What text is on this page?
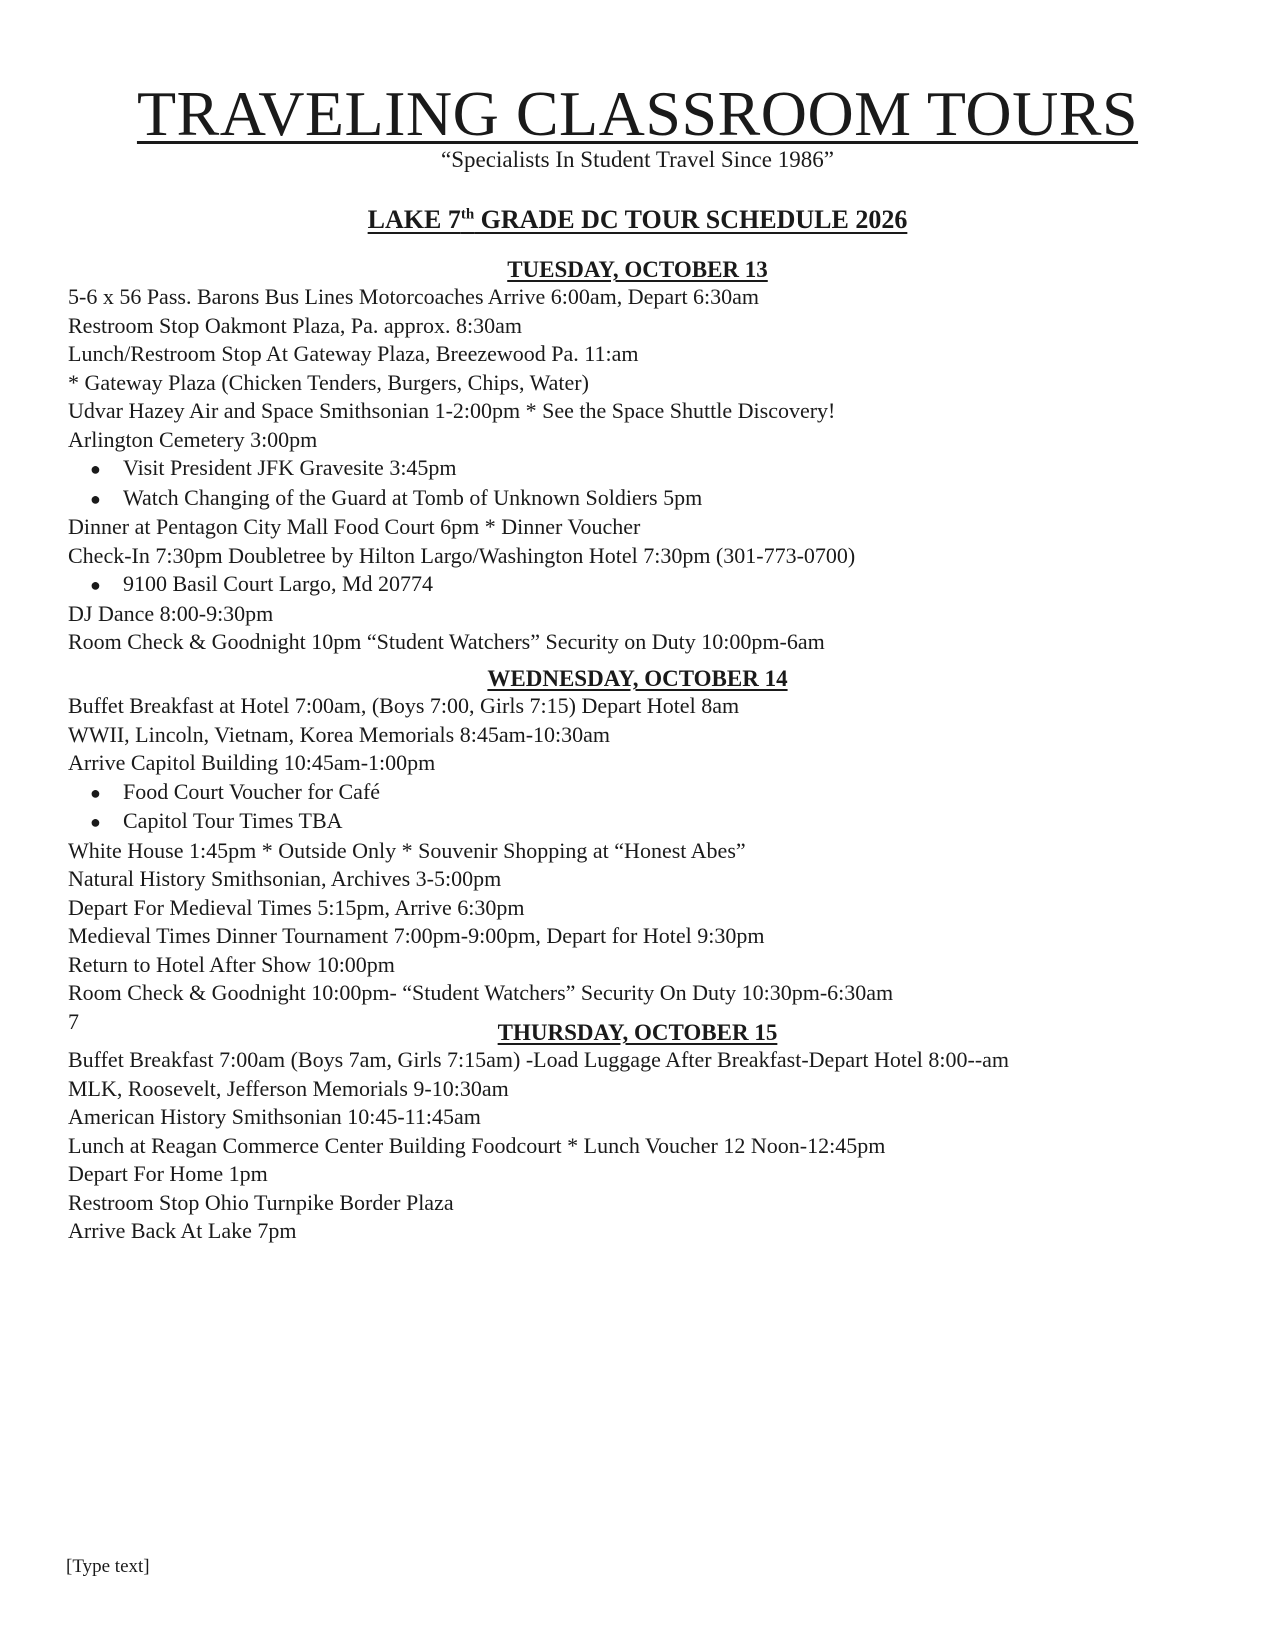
TRAVELING CLASSROOM TOURS
“Specialists In Student Travel Since 1986”
LAKE 7th GRADE DC TOUR SCHEDULE 2026
TUESDAY, OCTOBER 13
5-6 x 56 Pass. Barons Bus Lines Motorcoaches Arrive 6:00am, Depart 6:30am
Restroom Stop Oakmont Plaza, Pa. approx. 8:30am
Lunch/Restroom Stop At Gateway Plaza, Breezewood Pa. 11:am
* Gateway Plaza (Chicken Tenders, Burgers, Chips, Water)
Udvar Hazey Air and Space Smithsonian 1-2:00pm * See the Space Shuttle Discovery!
Arlington Cemetery 3:00pm
● Visit President JFK Gravesite 3:45pm
● Watch Changing of the Guard at Tomb of Unknown Soldiers 5pm
Dinner at Pentagon City Mall Food Court 6pm * Dinner Voucher
Check-In 7:30pm Doubletree by Hilton Largo/Washington Hotel 7:30pm (301-773-0700)
● 9100 Basil Court Largo, Md 20774
DJ Dance 8:00-9:30pm
Room Check & Goodnight 10pm “Student Watchers” Security on Duty 10:00pm-6am
WEDNESDAY, OCTOBER 14
Buffet Breakfast at Hotel 7:00am, (Boys 7:00, Girls 7:15) Depart Hotel 8am
WWII, Lincoln, Vietnam, Korea Memorials 8:45am-10:30am
Arrive Capitol Building 10:45am-1:00pm
● Food Court Voucher for Café
● Capitol Tour Times TBA
White House 1:45pm * Outside Only * Souvenir Shopping at “Honest Abes”
Natural History Smithsonian, Archives 3-5:00pm
Depart For Medieval Times 5:15pm, Arrive 6:30pm
Medieval Times Dinner Tournament 7:00pm-9:00pm, Depart for Hotel 9:30pm
Return to Hotel After Show 10:00pm
Room Check & Goodnight 10:00pm- “Student Watchers” Security On Duty 10:30pm-6:30am
7	THURSDAY, OCTOBER 15
Buffet Breakfast 7:00am (Boys 7am, Girls 7:15am) -Load Luggage After Breakfast-Depart Hotel 8:00--am
MLK, Roosevelt, Jefferson Memorials 9-10:30am
American History Smithsonian 10:45-11:45am
Lunch at Reagan Commerce Center Building Foodcourt * Lunch Voucher 12 Noon-12:45pm
Depart For Home 1pm
Restroom Stop Ohio Turnpike Border Plaza
Arrive Back At Lake 7pm
[Type text]
